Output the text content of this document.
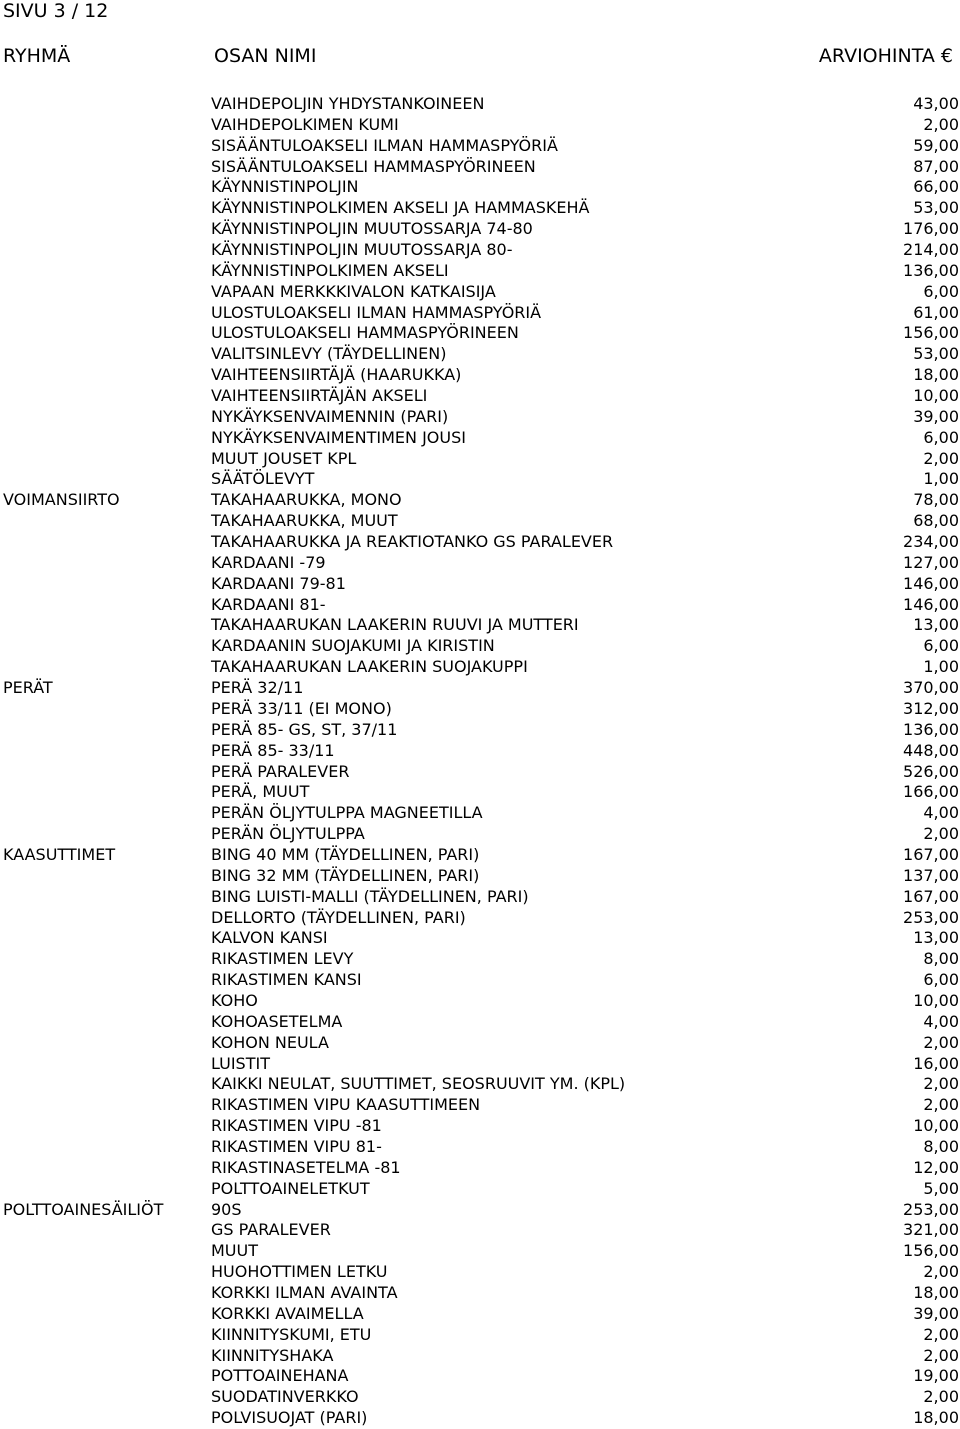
SIVU 3 / 12
RYHMÄ	OSAN NIMI	ARVIOHINTA €
VAIHDEPOLJIN YHDYSTANKOINEEN	43,00
VAIHDEPOLKIMEN KUMI	2,00
SISÄÄNTULOAKSELI ILMAN HAMMASPYÖRIÄ	59,00
SISÄÄNTULOAKSELI HAMMASPYÖRINEEN	87,00
KÄYNNISTINPOLJIN	66,00
KÄYNNISTINPOLKIMEN AKSELI JA HAMMASKEHÄ	53,00
KÄYNNISTINPOLJIN MUUTOSSARJA 74-80	176,00
KÄYNNISTINPOLJIN MUUTOSSARJA 80-	214,00
KÄYNNISTINPOLKIMEN AKSELI	136,00
VAPAAN MERKKKIVALON KATKAISIJA	6,00
ULOSTULOAKSELI ILMAN HAMMASPYÖRIÄ	61,00
ULOSTULOAKSELI HAMMASPYÖRINEEN	156,00
VALITSINLEVY (TÄYDELLINEN)	53,00
VAIHTEENSIIRTÄJÄ (HAARUKKA)	18,00
VAIHTEENSIIRTÄJÄN AKSELI	10,00
NYKÄYKSENVAIMENNIN (PARI)	39,00
NYKÄYKSENVAIMENTIMEN JOUSI	6,00
MUUT JOUSET KPL	2,00
SÄÄTÖLEVYT	1,00
VOIMANSIIRTO	TAKAHAARUKKA, MONO	78,00
TAKAHAARUKKA, MUUT	68,00
TAKAHAARUKKA JA REAKTIOTANKO GS PARALEVER	234,00
KARDAANI -79	127,00
KARDAANI 79-81	146,00
KARDAANI 81-	146,00
TAKAHAARUKAN LAAKERIN RUUVI JA MUTTERI	13,00
KARDAANIN SUOJAKUMI JA KIRISTIN	6,00
TAKAHAARUKAN LAAKERIN SUOJAKUPPI	1,00
PERÄT	PERÄ 32/11	370,00
PERÄ 33/11 (EI MONO)	312,00
PERÄ 85- GS, ST, 37/11	136,00
PERÄ 85- 33/11	448,00
PERÄ PARALEVER	526,00
PERÄ, MUUT	166,00
PERÄN ÖLJYTULPPA MAGNEETILLA	4,00
PERÄN ÖLJYTULPPA	2,00
KAASUTTIMET	BING 40 MM (TÄYDELLINEN, PARI)	167,00
BING 32 MM (TÄYDELLINEN, PARI)	137,00
BING LUISTI-MALLI (TÄYDELLINEN, PARI)	167,00
DELLORTO (TÄYDELLINEN, PARI)	253,00
KALVON KANSI	13,00
RIKASTIMEN LEVY	8,00
RIKASTIMEN KANSI	6,00
KOHO	10,00
KOHOASETELMA	4,00
KOHON NEULA	2,00
LUISTIT	16,00
KAIKKI NEULAT, SUUTTIMET, SEOSRUUVIT YM. (KPL)	2,00
RIKASTIMEN VIPU KAASUTTIMEEN	2,00
RIKASTIMEN VIPU -81	10,00
RIKASTIMEN VIPU 81-	8,00
RIKASTINASETELMA -81	12,00
POLTTOAINELETKUT	5,00
POLTTOAINESÄILIÖT	90S	253,00
GS PARALEVER	321,00
MUUT	156,00
HUOHOTTIMEN LETKU	2,00
KORKKI ILMAN AVAINTA	18,00
KORKKI AVAIMELLA	39,00
KIINNITYSKUMI, ETU	2,00
KIINNITYSHAKA	2,00
POTTOAINEHANA	19,00
SUODATINVERKKO	2,00
POLVISUOJAT (PARI)	18,00
